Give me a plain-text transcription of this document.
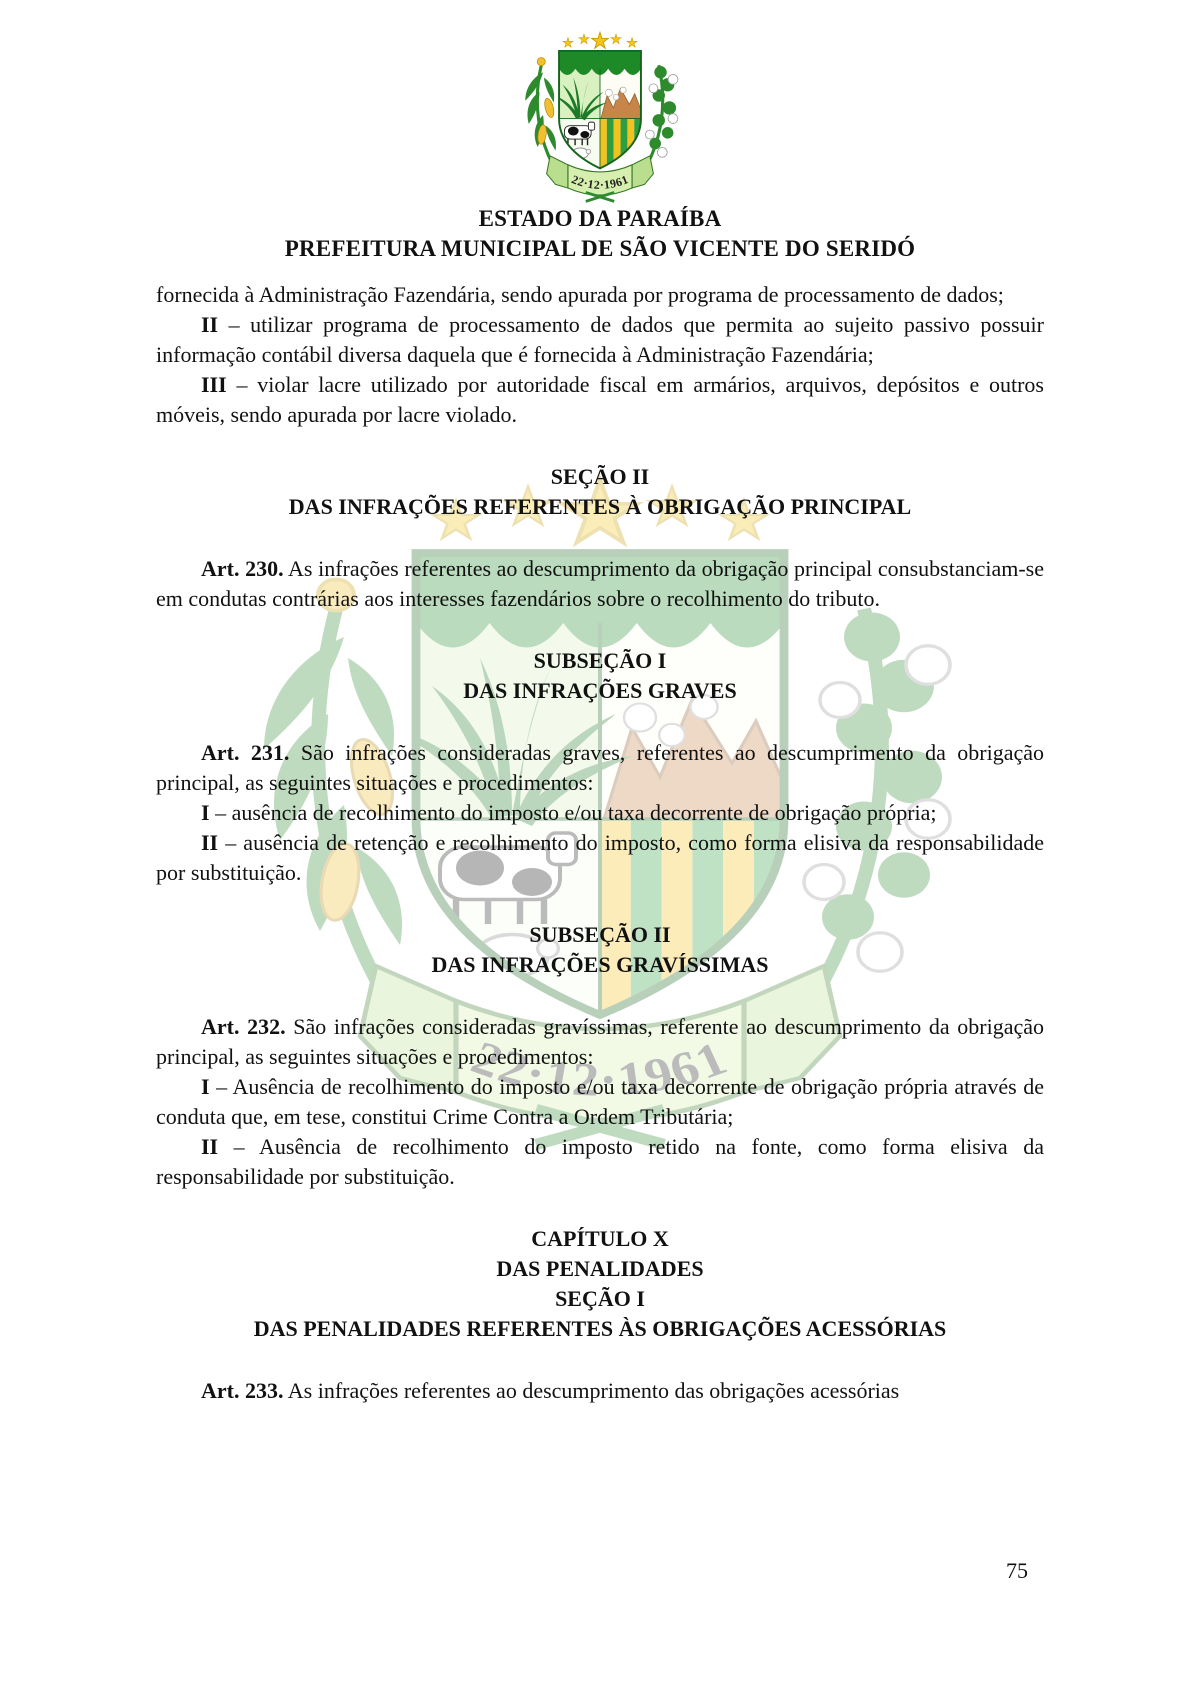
ESTADO DA PARAÍBA
PREFEITURA MUNICIPAL DE SÃO VICENTE DO SERIDÓ

fornecida à Administração Fazendária, sendo apurada por programa de processamento de dados;

II – utilizar programa de processamento de dados que permita ao sujeito passivo possuir informação contábil diversa daquela que é fornecida à Administração Fazendária;

III – violar lacre utilizado por autoridade fiscal em armários, arquivos, depósitos e outros móveis, sendo apurada por lacre violado.

SEÇÃO II
DAS INFRAÇÕES REFERENTES À OBRIGAÇÃO PRINCIPAL

Art. 230. As infrações referentes ao descumprimento da obrigação principal consubstanciam-se em condutas contrárias aos interesses fazendários sobre o recolhimento do tributo.

SUBSEÇÃO I
DAS INFRAÇÕES GRAVES

Art. 231. São infrações consideradas graves, referentes ao descumprimento da obrigação principal, as seguintes situações e procedimentos:

I – ausência de recolhimento do imposto e/ou taxa decorrente de obrigação própria;

II – ausência de retenção e recolhimento do imposto, como forma elisiva da responsabilidade por substituição.

SUBSEÇÃO II
DAS INFRAÇÕES GRAVÍSSIMAS

Art. 232. São infrações consideradas gravíssimas, referente ao descumprimento da obrigação principal, as seguintes situações e procedimentos:

I – Ausência de recolhimento do imposto e/ou taxa decorrente de obrigação própria através de conduta que, em tese, constitui Crime Contra a Ordem Tributária;

II – Ausência de recolhimento do imposto retido na fonte, como forma elisiva da responsabilidade por substituição.

CAPÍTULO X
DAS PENALIDADES
SEÇÃO I
DAS PENALIDADES REFERENTES ÀS OBRIGAÇÕES ACESSÓRIAS

Art. 233. As infrações referentes ao descumprimento das obrigações acessórias

75
